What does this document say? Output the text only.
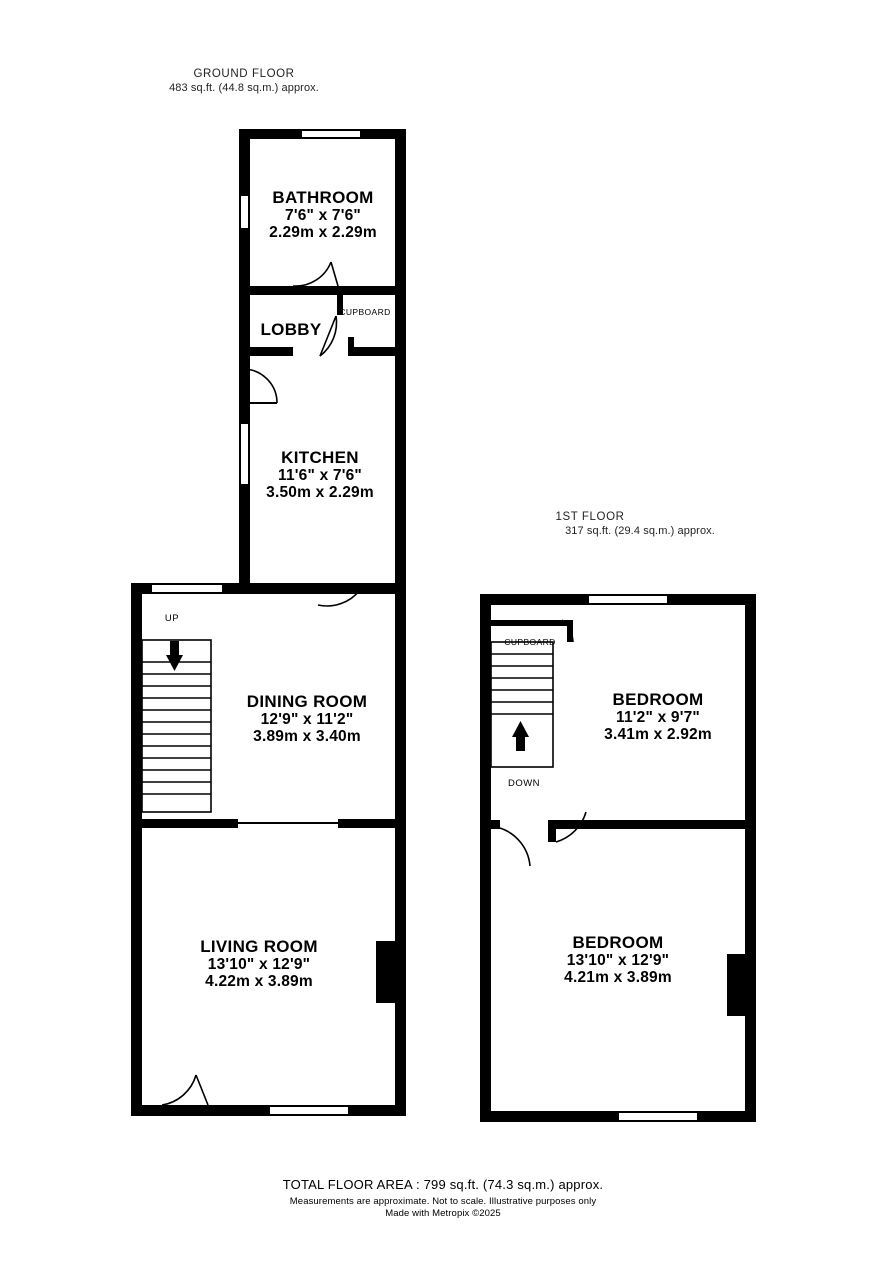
GROUND FLOOR
483 sq.ft. (44.8 sq.m.) approx.
1ST FLOOR
317 sq.ft. (29.4 sq.m.) approx.
BATHROOM
7'6" x 7'6"
2.29m x 2.29m
LOBBY
CUPBOARD
KITCHEN
11'6" x 7'6"
3.50m x 2.29m
UP
DINING ROOM
12'9" x 11'2"
3.89m x 3.40m
LIVING ROOM
13'10" x 12'9"
4.22m x 3.89m
CUPBOARD
DOWN
BEDROOM
11'2" x 9'7"
3.41m x 2.92m
BEDROOM
13'10" x 12'9"
4.21m x 3.89m
TOTAL FLOOR AREA : 799 sq.ft. (74.3 sq.m.) approx.
Measurements are approximate. Not to scale. Illustrative purposes only
Made with Metropix ©2025
